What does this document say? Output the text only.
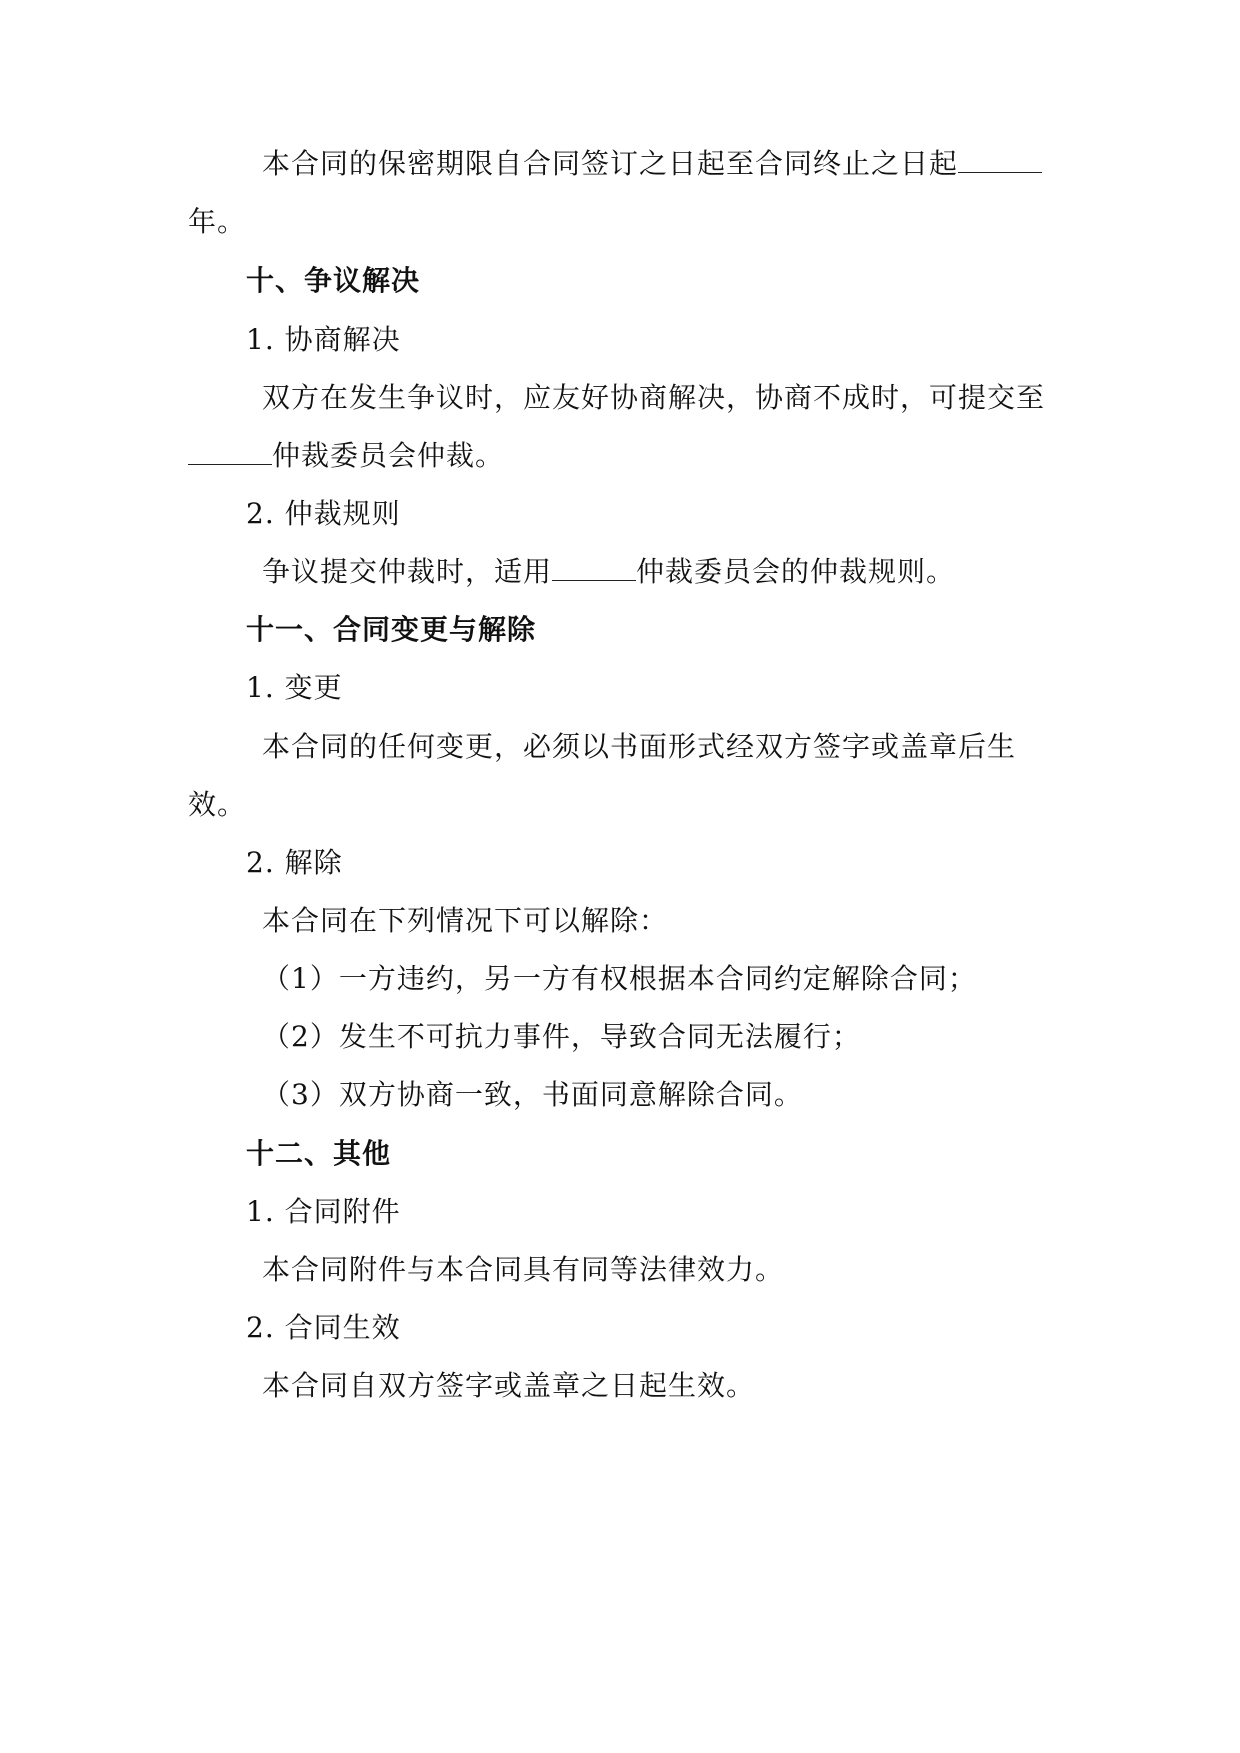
本合同的保密期限自合同签订之日起至合同终止之日起
年。
十、争议解决
1. 协商解决
双方在发生争议时，应友好协商解决，协商不成时，可提交至
仲裁委员会仲裁。
2. 仲裁规则
争议提交仲裁时，适用	仲裁委员会的仲裁规则。
十一、合同变更与解除
1. 变更
本合同的任何变更，必须以书面形式经双方签字或盖章后生
效。
2. 解除
本合同在下列情况下可以解除：
（1）一方违约，另一方有权根据本合同约定解除合同；
（2）发生不可抗力事件，导致合同无法履行；
（3）双方协商一致，书面同意解除合同。
十二、其他
1. 合同附件
本合同附件与本合同具有同等法律效力。
2. 合同生效
本合同自双方签字或盖章之日起生效。
